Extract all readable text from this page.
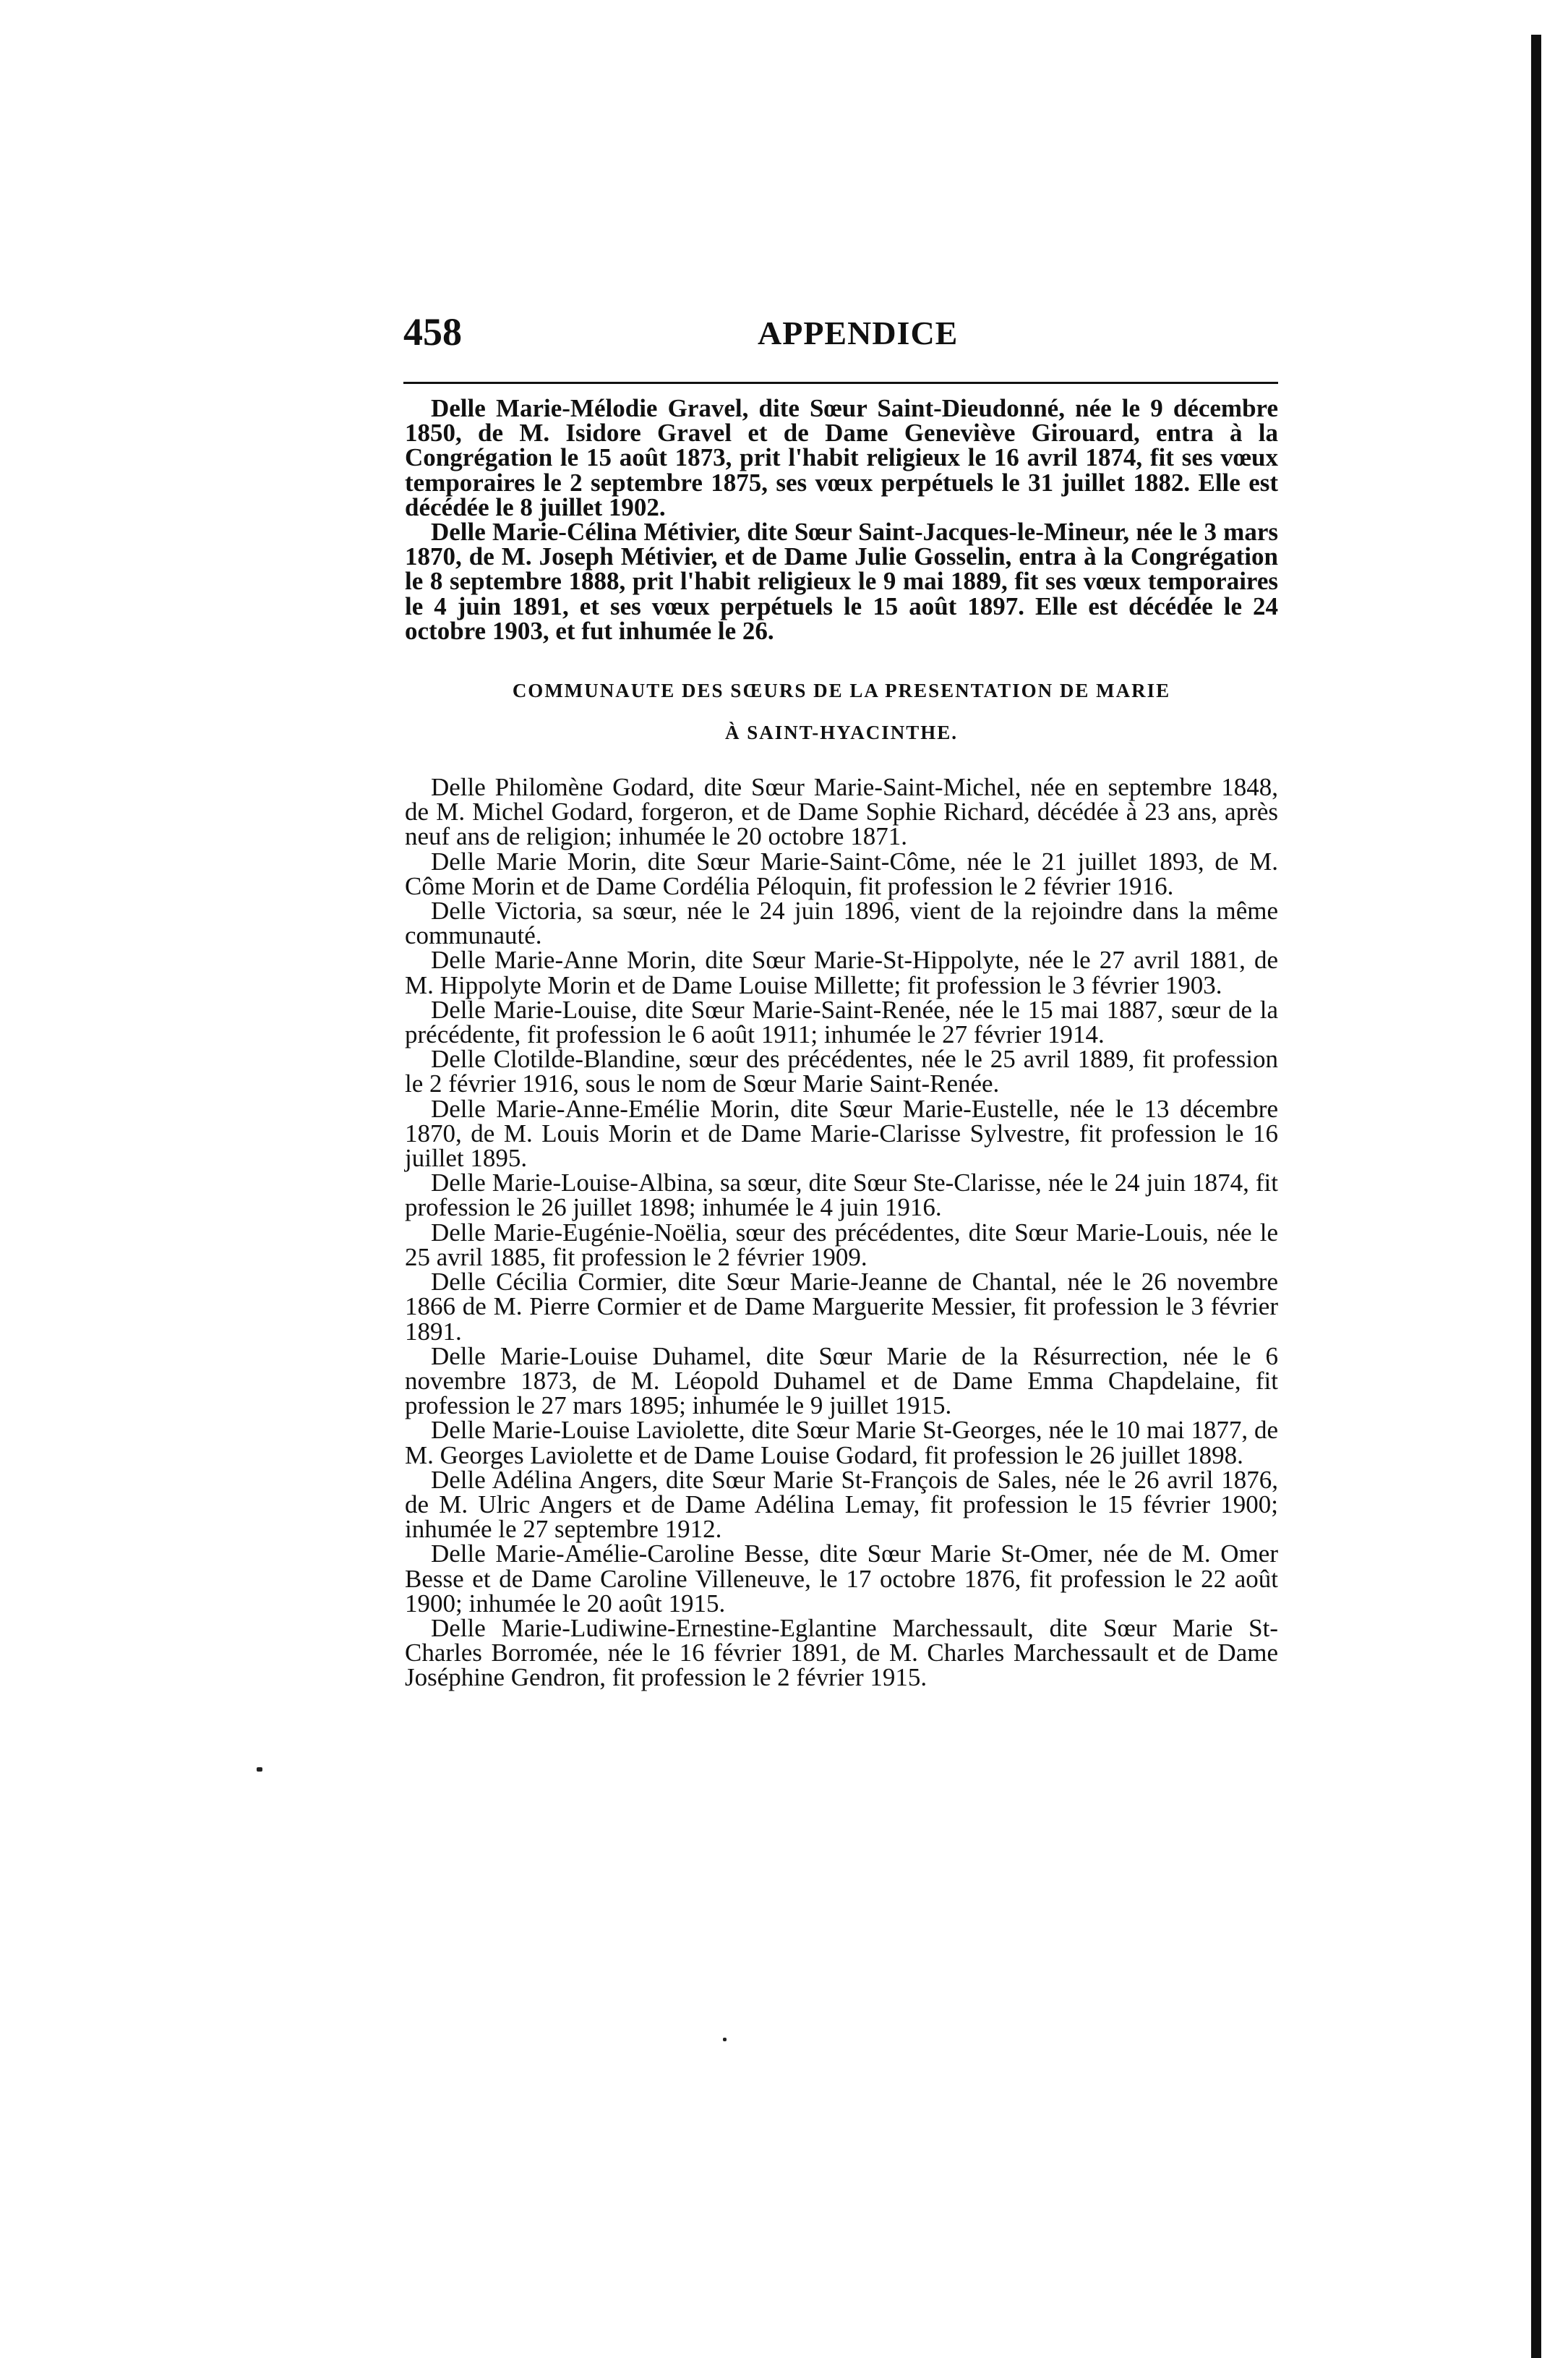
458	APPENDICE

Delle Marie-Mélodie Gravel, dite Sœur Saint-Dieudonné, née le 9 décembre 1850, de M. Isidore Gravel et de Dame Geneviève Girouard, entra à la Congrégation le 15 août 1873, prit l'habit religieux le 16 avril 1874, fit ses vœux temporaires le 2 septembre 1875, ses vœux perpétuels le 31 juillet 1882. Elle est décédée le 8 juillet 1902.

Delle Marie-Célina Métivier, dite Sœur Saint-Jacques-le-Mineur, née le 3 mars 1870, de M. Joseph Métivier, et de Dame Julie Gosselin, entra à la Congrégation le 8 septembre 1888, prit l'habit religieux le 9 mai 1889, fit ses vœux temporaires le 4 juin 1891, et ses vœux perpétuels le 15 août 1897. Elle est décédée le 24 octobre 1903, et fut inhumée le 26.

COMMUNAUTE DES SŒURS DE LA PRESENTATION DE MARIE
À SAINT-HYACINTHE.

Delle Philomène Godard, dite Sœur Marie-Saint-Michel, née en septembre 1848, de M. Michel Godard, forgeron, et de Dame Sophie Richard, décédée à 23 ans, après neuf ans de religion; inhumée le 20 octobre 1871.

Delle Marie Morin, dite Sœur Marie-Saint-Côme, née le 21 juillet 1893, de M. Côme Morin et de Dame Cordélia Péloquin, fit profession le 2 février 1916.

Delle Victoria, sa sœur, née le 24 juin 1896, vient de la rejoindre dans la même communauté.

Delle Marie-Anne Morin, dite Sœur Marie-St-Hippolyte, née le 27 avril 1881, de M. Hippolyte Morin et de Dame Louise Millette; fit profession le 3 février 1903.

Delle Marie-Louise, dite Sœur Marie-Saint-Renée, née le 15 mai 1887, sœur de la précédente, fit profession le 6 août 1911; inhumée le 27 février 1914.

Delle Clotilde-Blandine, sœur des précédentes, née le 25 avril 1889, fit profession le 2 février 1916, sous le nom de Sœur Marie Saint-Renée.

Delle Marie-Anne-Emélie Morin, dite Sœur Marie-Eustelle, née le 13 décembre 1870, de M. Louis Morin et de Dame Marie-Clarisse Sylvestre, fit profession le 16 juillet 1895.

Delle Marie-Louise-Albina, sa sœur, dite Sœur Ste-Clarisse, née le 24 juin 1874, fit profession le 26 juillet 1898; inhumée le 4 juin 1916.

Delle Marie-Eugénie-Noëlia, sœur des précédentes, dite Sœur Marie-Louis, née le 25 avril 1885, fit profession le 2 février 1909.

Delle Cécilia Cormier, dite Sœur Marie-Jeanne de Chantal, née le 26 novembre 1866 de M. Pierre Cormier et de Dame Marguerite Messier, fit profession le 3 février 1891.

Delle Marie-Louise Duhamel, dite Sœur Marie de la Résurrection, née le 6 novembre 1873, de M. Léopold Duhamel et de Dame Emma Chapdelaine, fit profession le 27 mars 1895; inhumée le 9 juillet 1915.

Delle Marie-Louise Laviolette, dite Sœur Marie St-Georges, née le 10 mai 1877, de M. Georges Laviolette et de Dame Louise Godard, fit profession le 26 juillet 1898.

Delle Adélina Angers, dite Sœur Marie St-François de Sales, née le 26 avril 1876, de M. Ulric Angers et de Dame Adélina Lemay, fit profession le 15 février 1900; inhumée le 27 septembre 1912.

Delle Marie-Amélie-Caroline Besse, dite Sœur Marie St-Omer, née de M. Omer Besse et de Dame Caroline Villeneuve, le 17 octobre 1876, fit profession le 22 août 1900; inhumée le 20 août 1915.

Delle Marie-Ludiwine-Ernestine-Eglantine Marchessault, dite Sœur Marie St-Charles Borromée, née le 16 février 1891, de M. Charles Marchessault et de Dame Joséphine Gendron, fit profession le 2 février 1915.
